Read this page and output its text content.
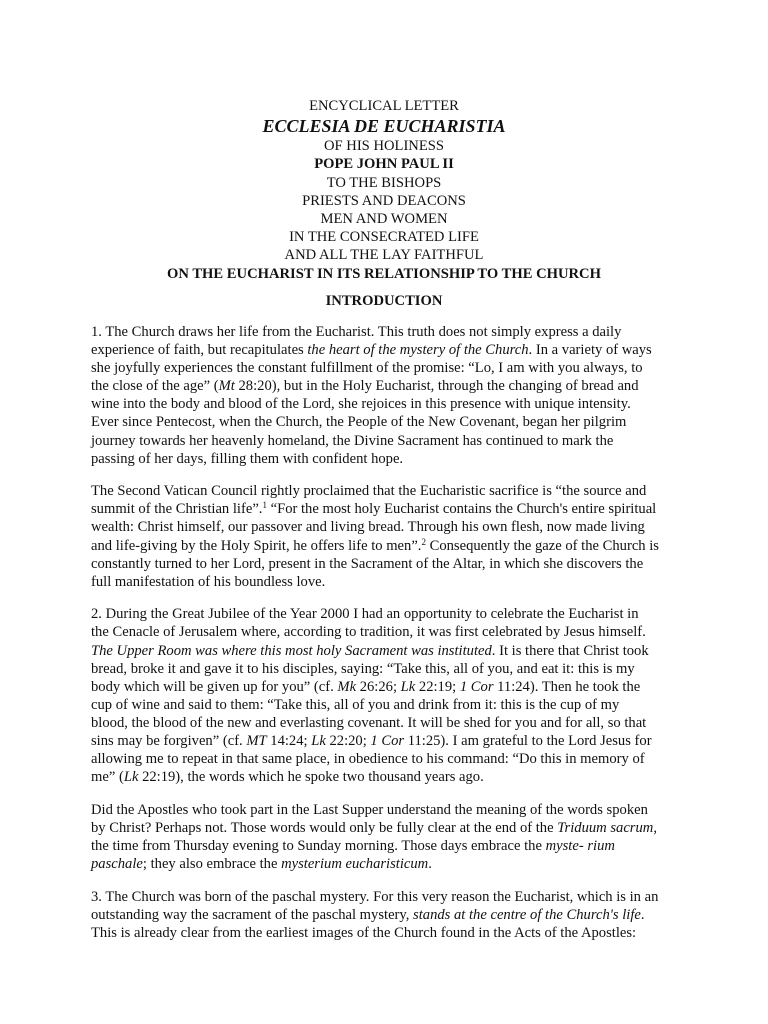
ENCYCLICAL LETTER
ECCLESIA DE EUCHARISTIA
OF HIS HOLINESS
POPE JOHN PAUL II
TO THE BISHOPS
PRIESTS AND DEACONS
MEN AND WOMEN
IN THE CONSECRATED LIFE
AND ALL THE LAY FAITHFUL
ON THE EUCHARIST IN ITS RELATIONSHIP TO THE CHURCH
INTRODUCTION
1. The Church draws her life from the Eucharist. This truth does not simply express a daily
experience of faith, but recapitulates the heart of the mystery of the Church. In a variety of ways
she joyfully experiences the constant fulfillment of the promise: “Lo, I am with you always, to
the close of the age” (Mt 28:20), but in the Holy Eucharist, through the changing of bread and
wine into the body and blood of the Lord, she rejoices in this presence with unique intensity.
Ever since Pentecost, when the Church, the People of the New Covenant, began her pilgrim
journey towards her heavenly homeland, the Divine Sacrament has continued to mark the
passing of her days, filling them with confident hope.
The Second Vatican Council rightly proclaimed that the Eucharistic sacrifice is “the source and
summit of the Christian life”.$^1$ “For the most holy Eucharist contains the Church's entire spiritual
wealth: Christ himself, our passover and living bread. Through his own flesh, now made living
and life-giving by the Holy Spirit, he offers life to men”.$^2$ Consequently the gaze of the Church is
constantly turned to her Lord, present in the Sacrament of the Altar, in which she discovers the
full manifestation of his boundless love.
2. During the Great Jubilee of the Year 2000 I had an opportunity to celebrate the Eucharist in
the Cenacle of Jerusalem where, according to tradition, it was first celebrated by Jesus himself.
The Upper Room was where this most holy Sacrament was instituted. It is there that Christ took
bread, broke it and gave it to his disciples, saying: “Take this, all of you, and eat it: this is my
body which will be given up for you” (cf. Mk 26:26; Lk 22:19; 1 Cor 11:24). Then he took the
cup of wine and said to them: “Take this, all of you and drink from it: this is the cup of my
blood, the blood of the new and everlasting covenant. It will be shed for you and for all, so that
sins may be forgiven” (cf. MT 14:24; Lk 22:20; 1 Cor 11:25). I am grateful to the Lord Jesus for
allowing me to repeat in that same place, in obedience to his command: “Do this in memory of
me” (Lk 22:19), the words which he spoke two thousand years ago.
Did the Apostles who took part in the Last Supper understand the meaning of the words spoken
by Christ? Perhaps not. Those words would only be fully clear at the end of the Triduum sacrum,
the time from Thursday evening to Sunday morning. Those days embrace the myste- rium
paschale; they also embrace the mysterium eucharisticum.
3. The Church was born of the paschal mystery. For this very reason the Eucharist, which is in an
outstanding way the sacrament of the paschal mystery, stands at the centre of the Church's life.
This is already clear from the earliest images of the Church found in the Acts of the Apostles:
